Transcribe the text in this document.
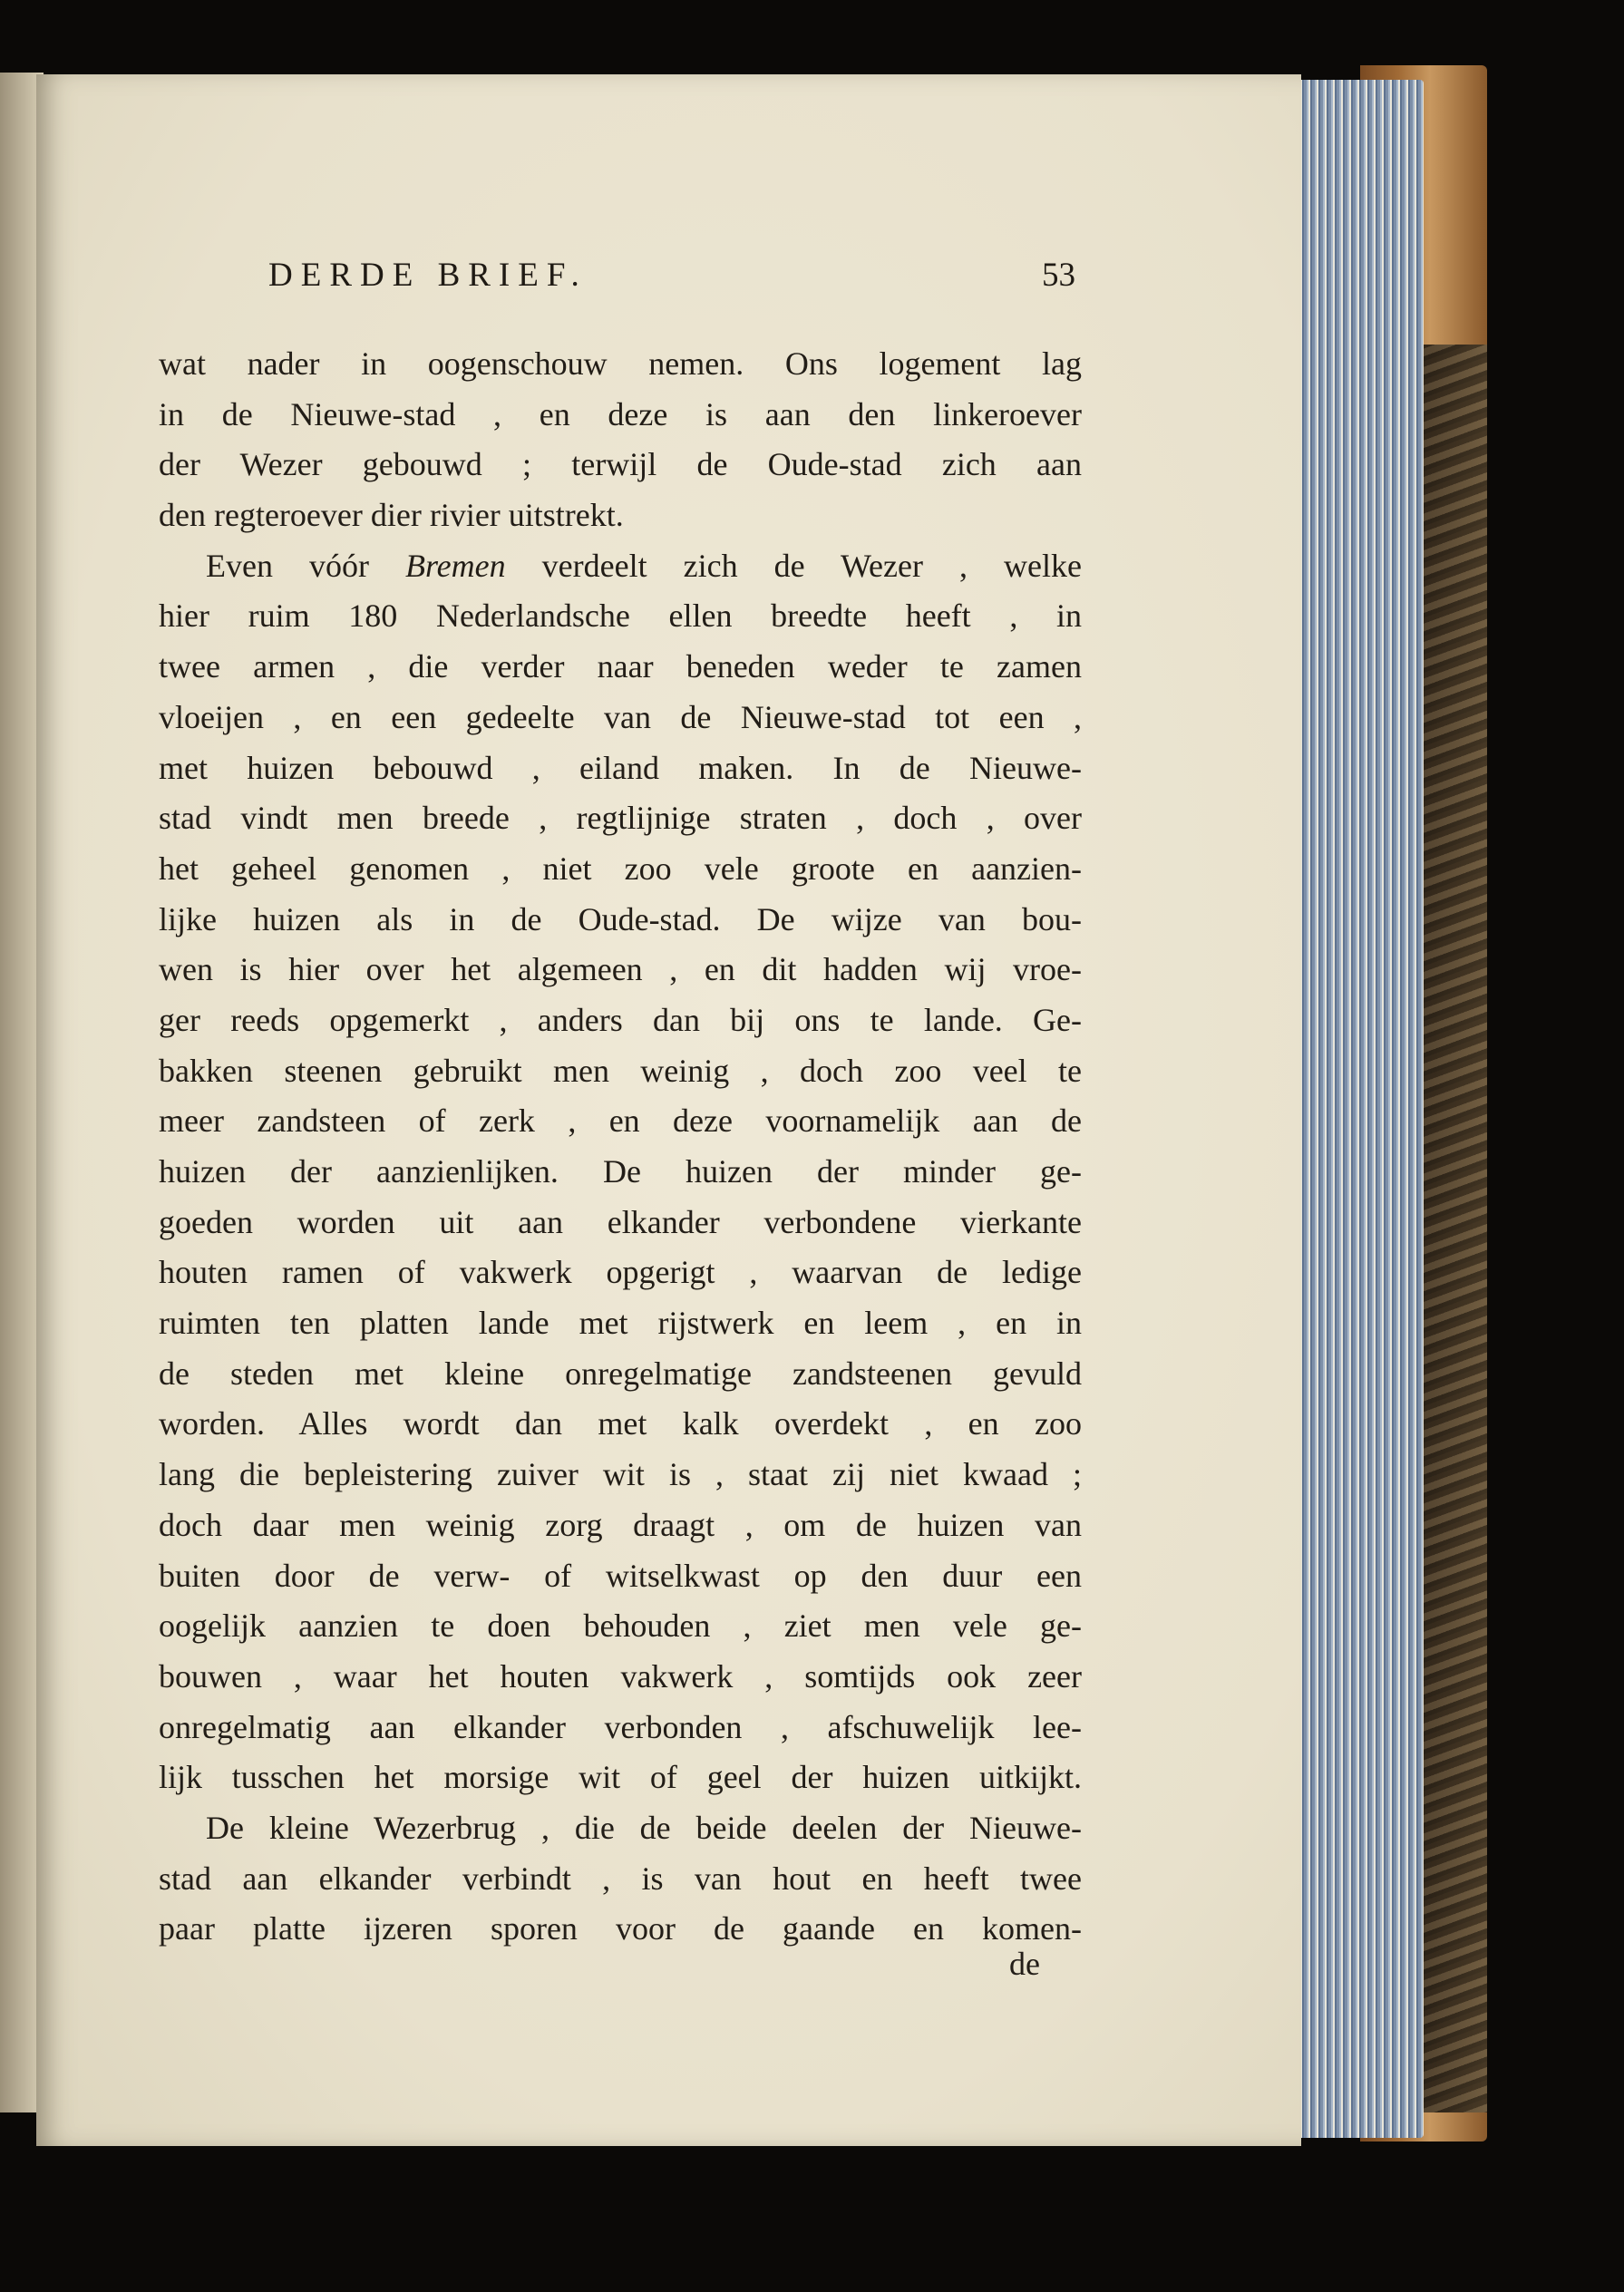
DERDE BRIEF.	53
wat nader in oogenschouw nemen. Ons logement lag
in de Nieuwe-stad , en deze is aan den linkeroever
der Wezer gebouwd ; terwijl de Oude-stad zich aan
den regteroever dier rivier uitstrekt.
Even vóór Bremen verdeelt zich de Wezer , welke
hier ruim 180 Nederlandsche ellen breedte heeft , in
twee armen , die verder naar beneden weder te zamen
vloeijen , en een gedeelte van de Nieuwe-stad tot een ,
met huizen bebouwd , eiland maken. In de Nieuwe-
stad vindt men breede , regtlijnige straten , doch , over
het geheel genomen , niet zoo vele groote en aanzien-
lijke huizen als in de Oude-stad. De wijze van bou-
wen is hier over het algemeen , en dit hadden wij vroe-
ger reeds opgemerkt , anders dan bij ons te lande. Ge-
bakken steenen gebruikt men weinig , doch zoo veel te
meer zandsteen of zerk , en deze voornamelijk aan de
huizen der aanzienlijken. De huizen der minder ge-
goeden worden uit aan elkander verbondene vierkante
houten ramen of vakwerk opgerigt , waarvan de ledige
ruimten ten platten lande met rijstwerk en leem , en in
de steden met kleine onregelmatige zandsteenen gevuld
worden. Alles wordt dan met kalk overdekt , en zoo
lang die bepleistering zuiver wit is , staat zij niet kwaad ;
doch daar men weinig zorg draagt , om de huizen van
buiten door de verw- of witselkwast op den duur een
oogelijk aanzien te doen behouden , ziet men vele ge-
bouwen , waar het houten vakwerk , somtijds ook zeer
onregelmatig aan elkander verbonden , afschuwelijk lee-
lijk tusschen het morsige wit of geel der huizen uitkijkt.
De kleine Wezerbrug , die de beide deelen der Nieuwe-
stad aan elkander verbindt , is van hout en heeft twee
paar platte ijzeren sporen voor de gaande en komen-
de
